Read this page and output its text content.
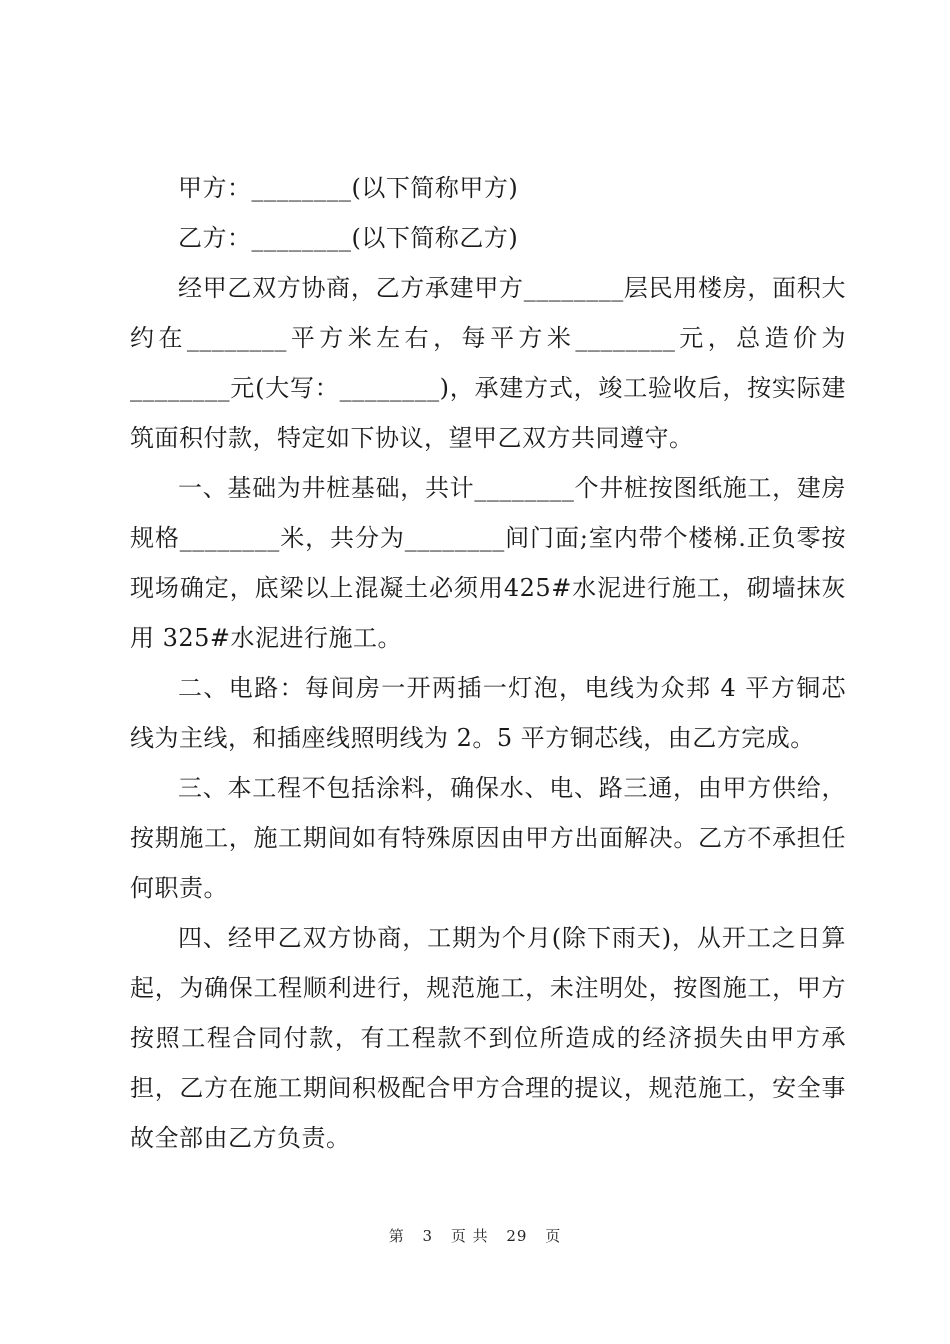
甲方：________(以下简称甲方)

乙方：________(以下简称乙方)

经甲乙双方协商，乙方承建甲方________层民用楼房，面积大约在________平方米左右，每平方米________元，总造价为________元(大写：________)，承建方式，竣工验收后，按实际建筑面积付款，特定如下协议，望甲乙双方共同遵守。

一、基础为井桩基础，共计________个井桩按图纸施工，建房规格________米，共分为________间门面;室内带个楼梯.正负零按现场确定，底梁以上混凝土必须用425#水泥进行施工，砌墙抹灰用 325#水泥进行施工。

二、电路：每间房一开两插一灯泡，电线为众邦 4 平方铜芯线为主线，和插座线照明线为 2。5 平方铜芯线，由乙方完成。

三、本工程不包括涂料，确保水、电、路三通，由甲方供给，按期施工，施工期间如有特殊原因由甲方出面解决。乙方不承担任何职责。

四、经甲乙双方协商，工期为个月(除下雨天)，从开工之日算起，为确保工程顺利进行，规范施工，未注明处，按图施工，甲方按照工程合同付款，有工程款不到位所造成的经济损失由甲方承担，乙方在施工期间积极配合甲方合理的提议，规范施工，安全事故全部由乙方负责。

第 3 页 共 29 页
